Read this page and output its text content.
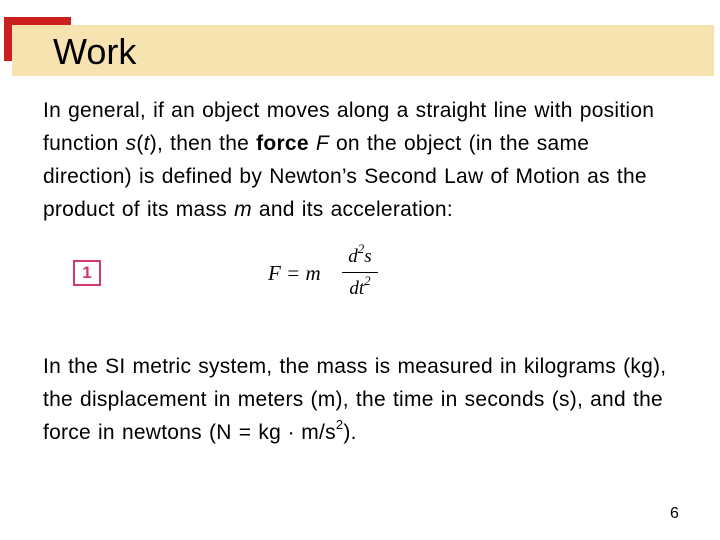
Work

In general, if an object moves along a straight line with position function s(t), then the force F on the object (in the same direction) is defined by Newton’s Second Law of Motion as the product of its mass m and its acceleration:

1	F = m
$d^2s$
$dt^2$

In the SI metric system, the mass is measured in kilograms (kg), the displacement in meters (m), the time in seconds (s), and the force in newtons (N = kg ∙ $m/s^2$).

6
